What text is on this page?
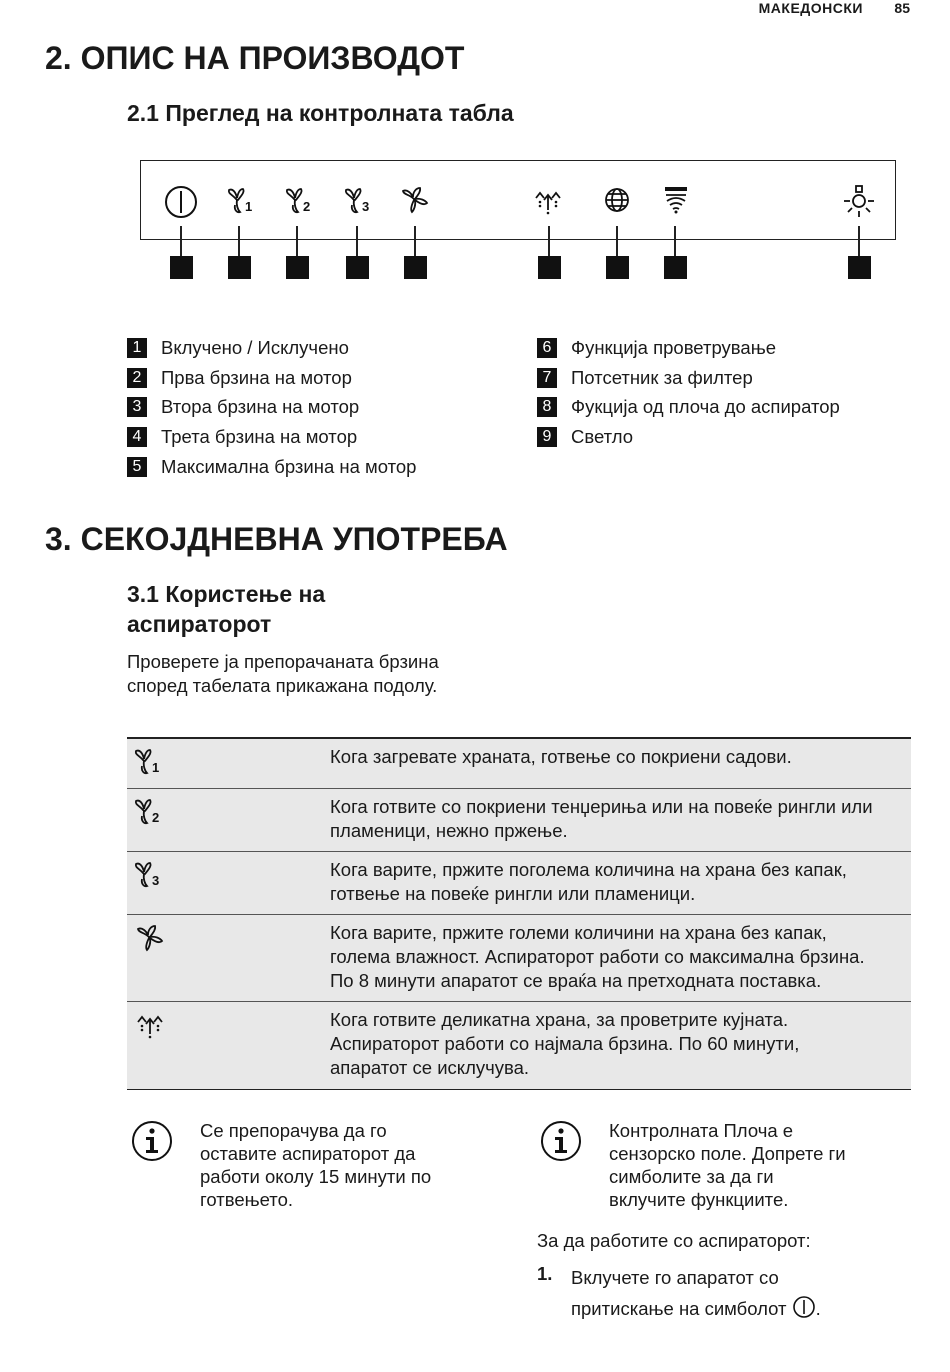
МАКЕДОНСКИ 85
2. ОПИС НА ПРОИЗВОДОТ
2.1 Преглед на контролната табла
1	2	3
1 Вклучено / Исклучено
2 Прва брзина на мотор
3 Втора брзина на мотор
4 Трета брзина на мотор
5 Максимална брзина на мотор
6 Функција проветрување
7 Потсетник за филтер
8 Фукција од плоча до аспиратор
9 Светло
3. СЕКОЈДНЕВНА УПОТРЕБА
3.1 Користење на
аспираторот
Проверете ја препорачаната брзина
според табелата прикажана подолу.
1
Кога загревате храната, готвење со покриени садови.
2
Кога готвите со покриени тенџериња или на повеќе рингли или
пламеници, нежно пржење.
3
Кога варите, пржите поголема количина на храна без капак,
готвење на повеќе рингли или пламеници.
Кога варите, пржите големи количини на храна без капак,
голема влажност. Аспираторот работи со максимална брзина.
По 8 минути апаратот се враќа на претходната поставка.
Кога готвите деликатна храна, за проветрите кујната.
Аспираторот работи со најмала брзина. По 60 минути,
апаратот се исклучува.
Се препорачува да го
оставите аспираторот да
работи околу 15 минути по
готвењето.
Контролната Плоча е
сензорско поле. Допрете ги
симболите за да ги
вклучите функциите.
За да работите со аспираторот:
1. Вклучете го апаратот со
притискање на симболот .
